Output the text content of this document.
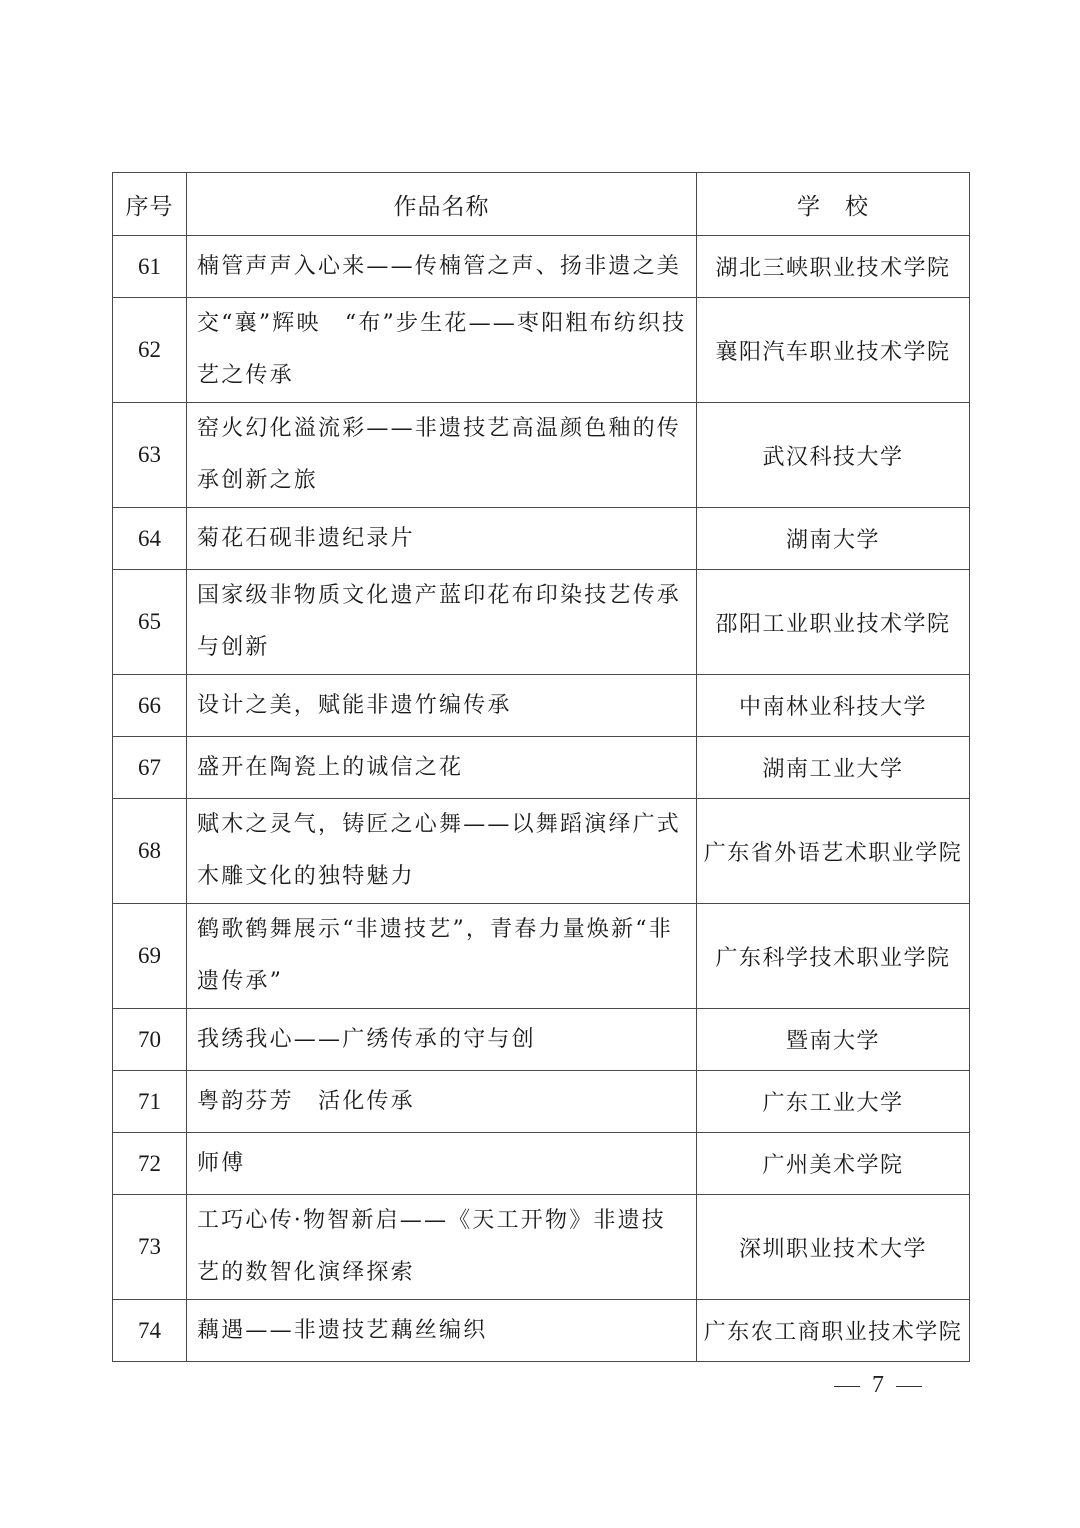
序号	作品名称	学　校
61	楠管声声入心来——传楠管之声、扬非遗之美	湖北三峡职业技术学院
62	交“襄”辉映　“布”步生花——枣阳粗布纺织技艺之传承	襄阳汽车职业技术学院
63	窑火幻化溢流彩——非遗技艺高温颜色釉的传承创新之旅	武汉科技大学
64	菊花石砚非遗纪录片	湖南大学
65	国家级非物质文化遗产蓝印花布印染技艺传承与创新	邵阳工业职业技术学院
66	设计之美，赋能非遗竹编传承	中南林业科技大学
67	盛开在陶瓷上的诚信之花	湖南工业大学
68	赋木之灵气，铸匠之心舞——以舞蹈演绎广式木雕文化的独特魅力	广东省外语艺术职业学院
69	鹤歌鹤舞展示“非遗技艺”，青春力量焕新“非遗传承”	广东科学技术职业学院
70	我绣我心——广绣传承的守与创	暨南大学
71	粤韵芬芳　活化传承	广东工业大学
72	师傅	广州美术学院
73	工巧心传·物智新启——《天工开物》非遗技艺的数智化演绎探索	深圳职业技术大学
74	藕遇——非遗技艺藕丝编织	广东农工商职业技术学院
7
